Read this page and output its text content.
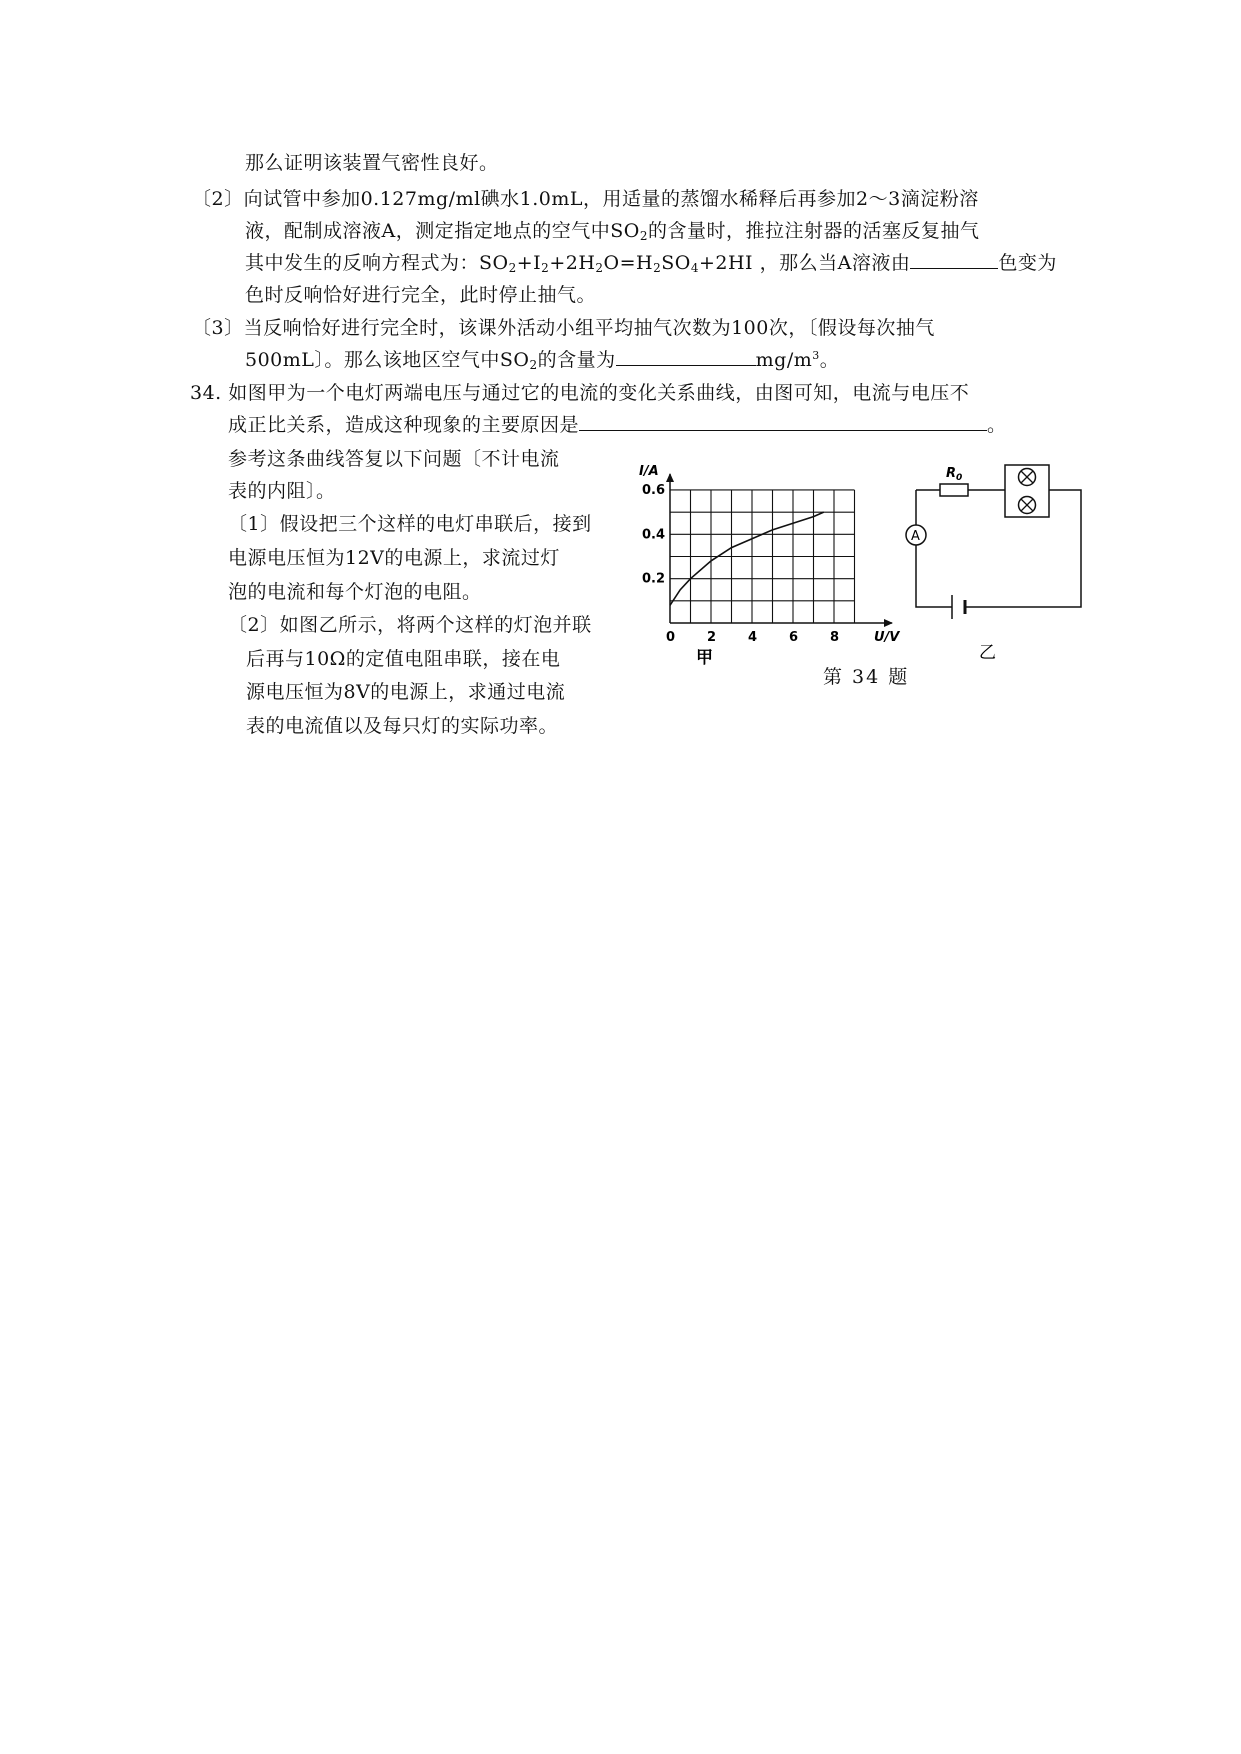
那么证明该装置气密性良好。
〔2〕向试管中参加0.127mg/ml碘水1.0mL，用适量的蒸馏水稀释后再参加2～3滴淀粉溶
液，配制成溶液A，测定指定地点的空气中$SO_2$的含量时，推拉注射器的活塞反复抽气
其中发生的反响方程式为：$SO_2+I_2+2H_2O=H_2SO_4+2HI$ ，那么当A溶液由	色变为
色时反响恰好进行完全，此时停止抽气。
〔3〕当反响恰好进行完全时，该课外活动小组平均抽气次数为100次，〔假设每次抽气
500mL〕。那么该地区空气中$SO_2$的含量为	$mg/m^3$。
34. 如图甲为一个电灯两端电压与通过它的电流的变化关系曲线，由图可知，电流与电压不
成正比关系，造成这种现象的主要原因是	。
参考这条曲线答复以下问题〔不计电流
表的内阻〕。
〔1〕假设把三个这样的电灯串联后，接到
电源电压恒为12V的电源上，求流过灯
泡的电流和每个灯泡的电阻。
〔2〕如图乙所示，将两个这样的灯泡并联
后再与10Ω的定值电阻串联，接在电
源电压恒为8V的电源上，求通过电流
表的电流值以及每只灯的实际功率。
0 2 4 6 8
0.2
0.4
0.6
I/A
U/V
甲
$R_0$
A
乙
第 34 题
